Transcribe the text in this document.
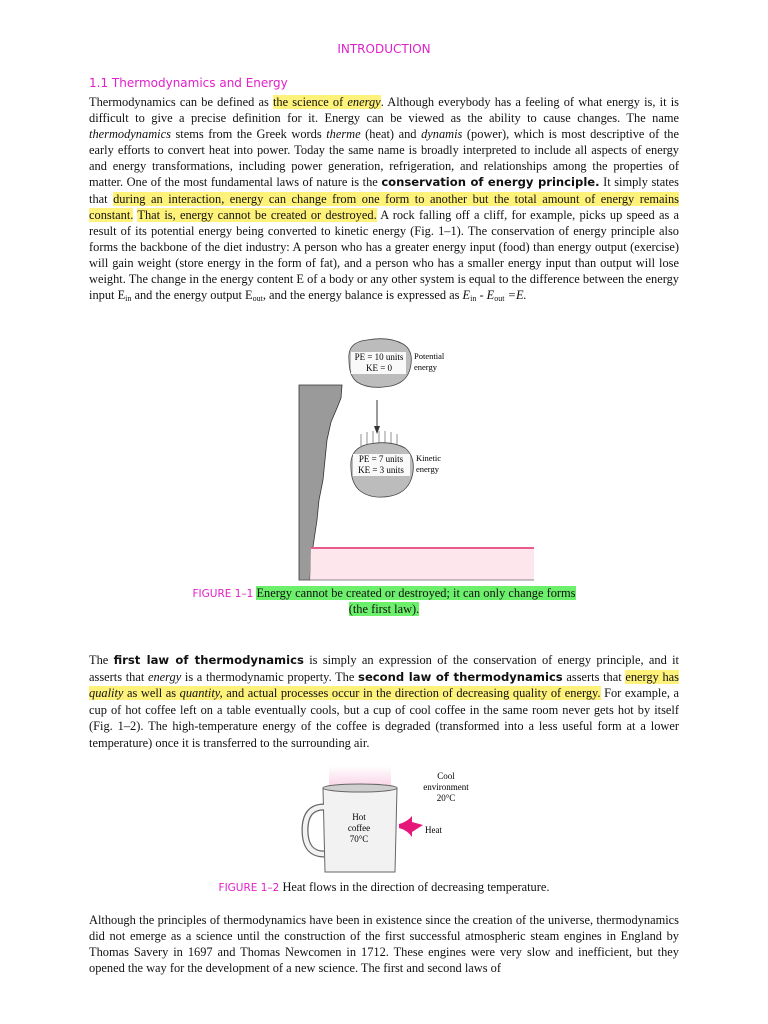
INTRODUCTION
1.1 Thermodynamics and Energy

Thermodynamics can be defined as the science of energy. Although everybody has a feeling of what energy is, it is difficult to give a precise definition for it. Energy can be viewed as the ability to cause changes. The name thermodynamics stems from the Greek words therme (heat) and dynamis (power), which is most descriptive of the early efforts to convert heat into power. Today the same name is broadly interpreted to include all aspects of energy and energy transformations, including power generation, refrigeration, and relationships among the properties of matter. One of the most fundamental laws of nature is the conservation of energy principle. It simply states that during an interaction, energy can change from one form to another but the total amount of energy remains constant. That is, energy cannot be created or destroyed. A rock falling off a cliff, for example, picks up speed as a result of its potential energy being converted to kinetic energy (Fig. 1–1). The conservation of energy principle also forms the backbone of the diet industry: A person who has a greater energy input (food) than energy output (exercise) will gain weight (store energy in the form of fat), and a person who has a smaller energy input than output will lose weight. The change in the energy content E of a body or any other system is equal to the difference between the energy input $E_{in}$ and the energy output $E_{out}$, and the energy balance is expressed as $E_{in} - E_{out} =E$.

PE = 10 units
KE = 0
Potential
energy
PE = 7 units
KE = 3 units
Kinetic
energy
FIGURE 1–1 Energy cannot be created or destroyed; it can only change forms
(the first law).

The first law of thermodynamics is simply an expression of the conservation of energy principle, and it asserts that energy is a thermodynamic property. The second law of thermodynamics asserts that energy has quality as well as quantity, and actual processes occur in the direction of decreasing quality of energy. For example, a cup of hot coffee left on a table eventually cools, but a cup of cool coffee in the same room never gets hot by itself (Fig. 1–2). The high-temperature energy of the coffee is degraded (transformed into a less useful form at a lower temperature) once it is transferred to the surrounding air.

Hot
coffee
70°C
Heat
Cool
environment
20°C
FIGURE 1–2 Heat flows in the direction of decreasing temperature.

Although the principles of thermodynamics have been in existence since the creation of the universe, thermodynamics did not emerge as a science until the construction of the first successful atmospheric steam engines in England by Thomas Savery in 1697 and Thomas Newcomen in 1712. These engines were very slow and inefficient, but they opened the way for the development of a new science. The first and second laws of
